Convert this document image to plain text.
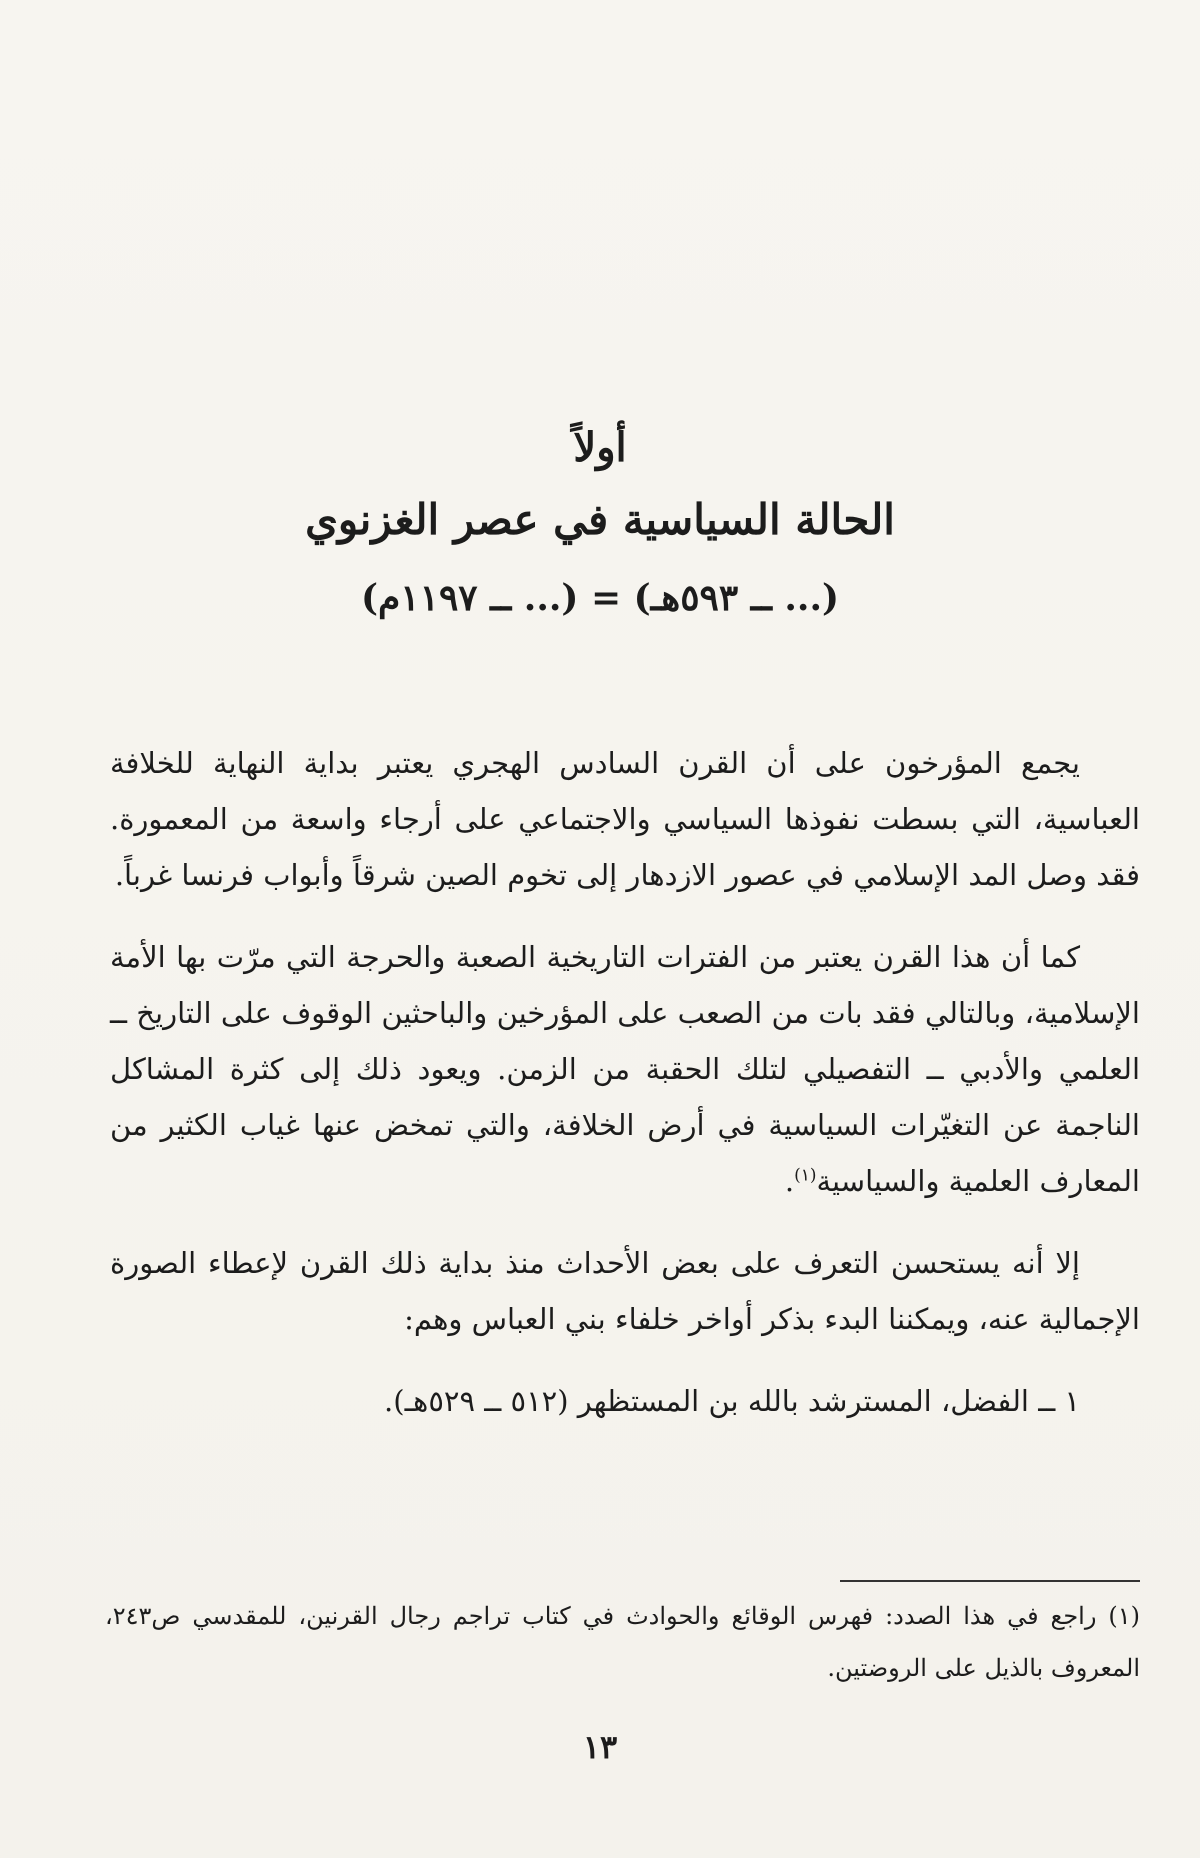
أولاً

الحالة السياسية في عصر الغزنوي

(... ــ ٥٩٣هـ) = (... ــ ١١٩٧م)

يجمع المؤرخون على أن القرن السادس الهجري يعتبر بداية النهاية للخلافة العباسية، التي بسطت نفوذها السياسي والاجتماعي على أرجاء واسعة من المعمورة. فقد وصل المد الإسلامي في عصور الازدهار إلى تخوم الصين شرقاً وأبواب فرنسا غرباً.

كما أن هذا القرن يعتبر من الفترات التاريخية الصعبة والحرجة التي مرّت بها الأمة الإسلامية، وبالتالي فقد بات من الصعب على المؤرخين والباحثين الوقوف على التاريخ ــ العلمي والأدبي ــ التفصيلي لتلك الحقبة من الزمن. ويعود ذلك إلى كثرة المشاكل الناجمة عن التغيّرات السياسية في أرض الخلافة، والتي تمخض عنها غياب الكثير من المعارف العلمية والسياسية$^{(١)}$.

إلا أنه يستحسن التعرف على بعض الأحداث منذ بداية ذلك القرن لإعطاء الصورة الإجمالية عنه، ويمكننا البدء بذكر أواخر خلفاء بني العباس وهم:

١ ــ الفضل، المسترشد بالله بن المستظهر (٥١٢ ــ ٥٢٩هـ).

(١) راجع في هذا الصدد: فهرس الوقائع والحوادث في كتاب تراجم رجال القرنين، للمقدسي ص٢٤٣، المعروف بالذيل على الروضتين.

١٣
